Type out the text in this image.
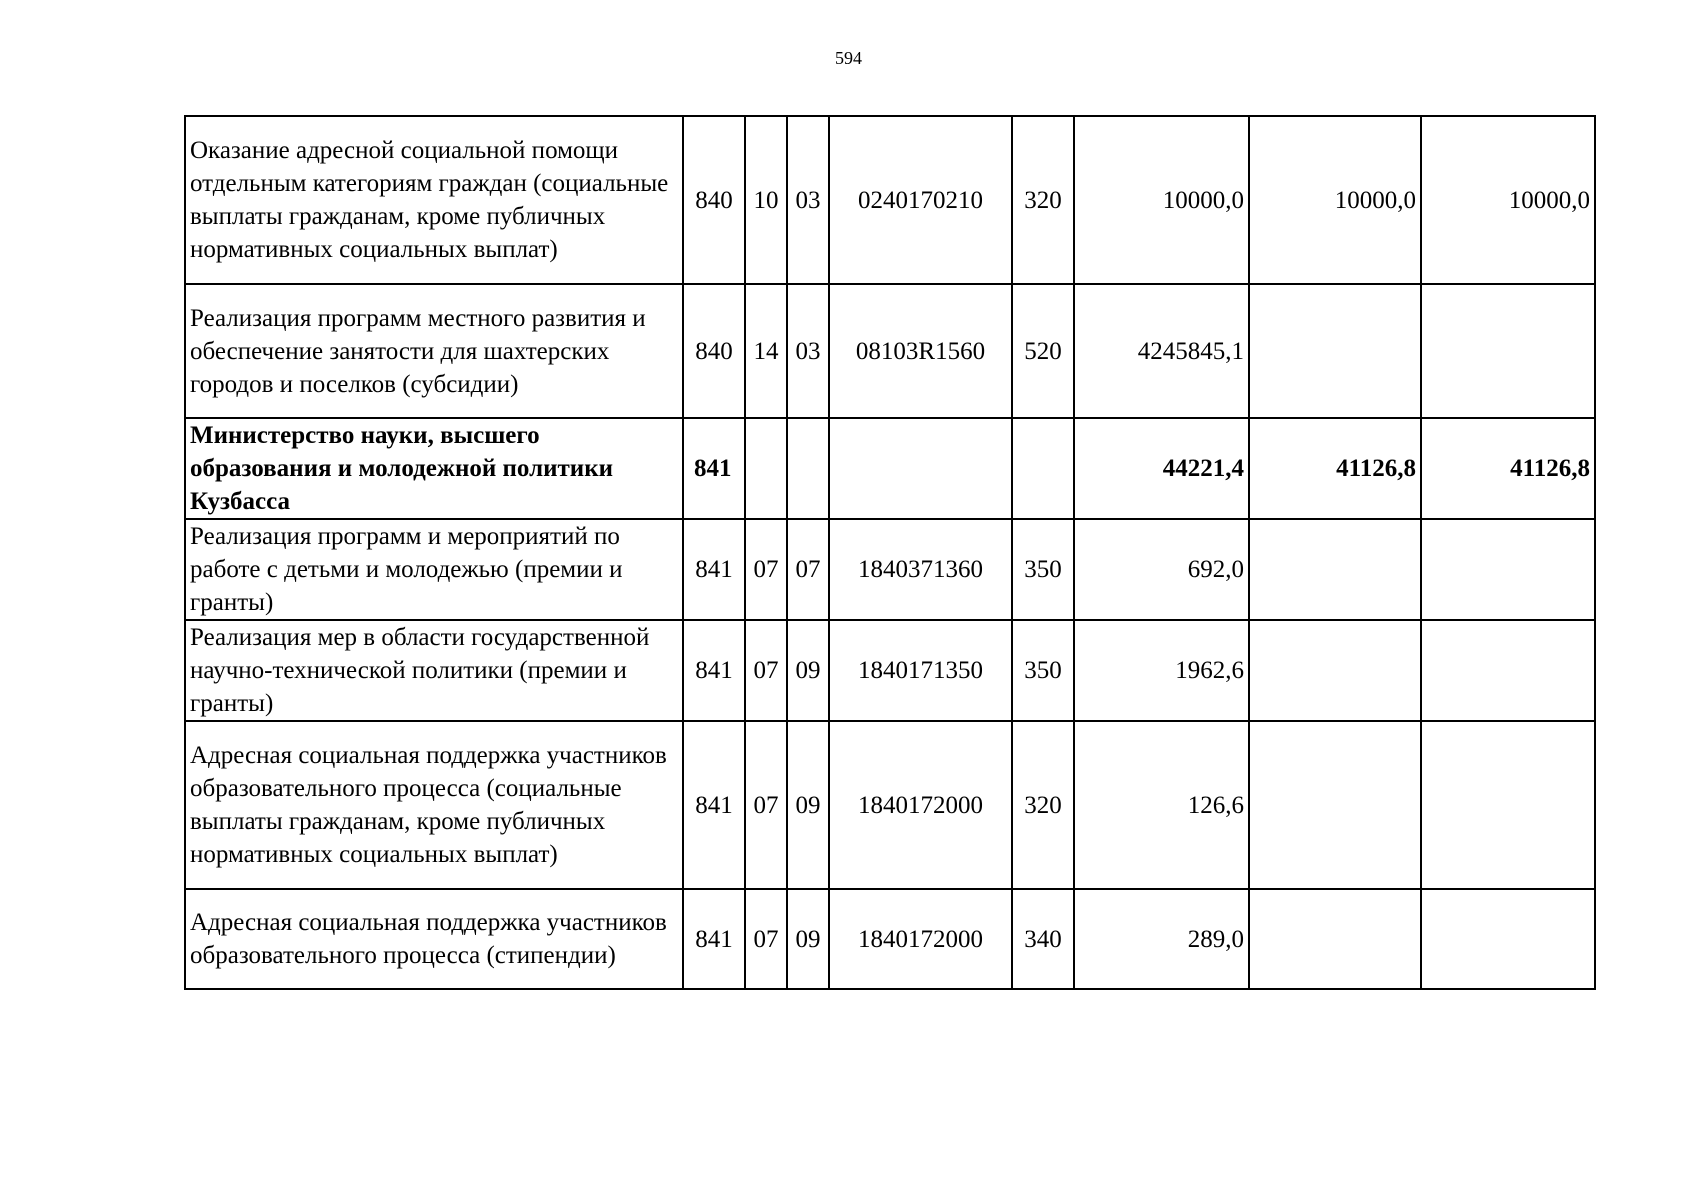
594
Оказание адресной социальной помощи отдельным категориям граждан (социальные выплаты гражданам, кроме публичных нормативных социальных выплат)	840	10	03	0240170210	320	10000,0	10000,0	10000,0
Реализация программ местного развития и обеспечение занятости для шахтерских городов и поселков (субсидии)	840	14	03	08103R1560	520	4245845,1		
Министерство науки, высшего образования и молодежной политики Кузбасса	841					44221,4	41126,8	41126,8
Реализация программ и мероприятий по работе с детьми и молодежью (премии и гранты)	841	07	07	1840371360	350	692,0		
Реализация мер в области государственной научно-технической политики (премии и гранты)	841	07	09	1840171350	350	1962,6		
Адресная социальная поддержка участников образовательного процесса (социальные выплаты гражданам, кроме публичных нормативных социальных выплат)	841	07	09	1840172000	320	126,6		
Адресная социальная поддержка участников образовательного процесса (стипендии)	841	07	09	1840172000	340	289,0		
